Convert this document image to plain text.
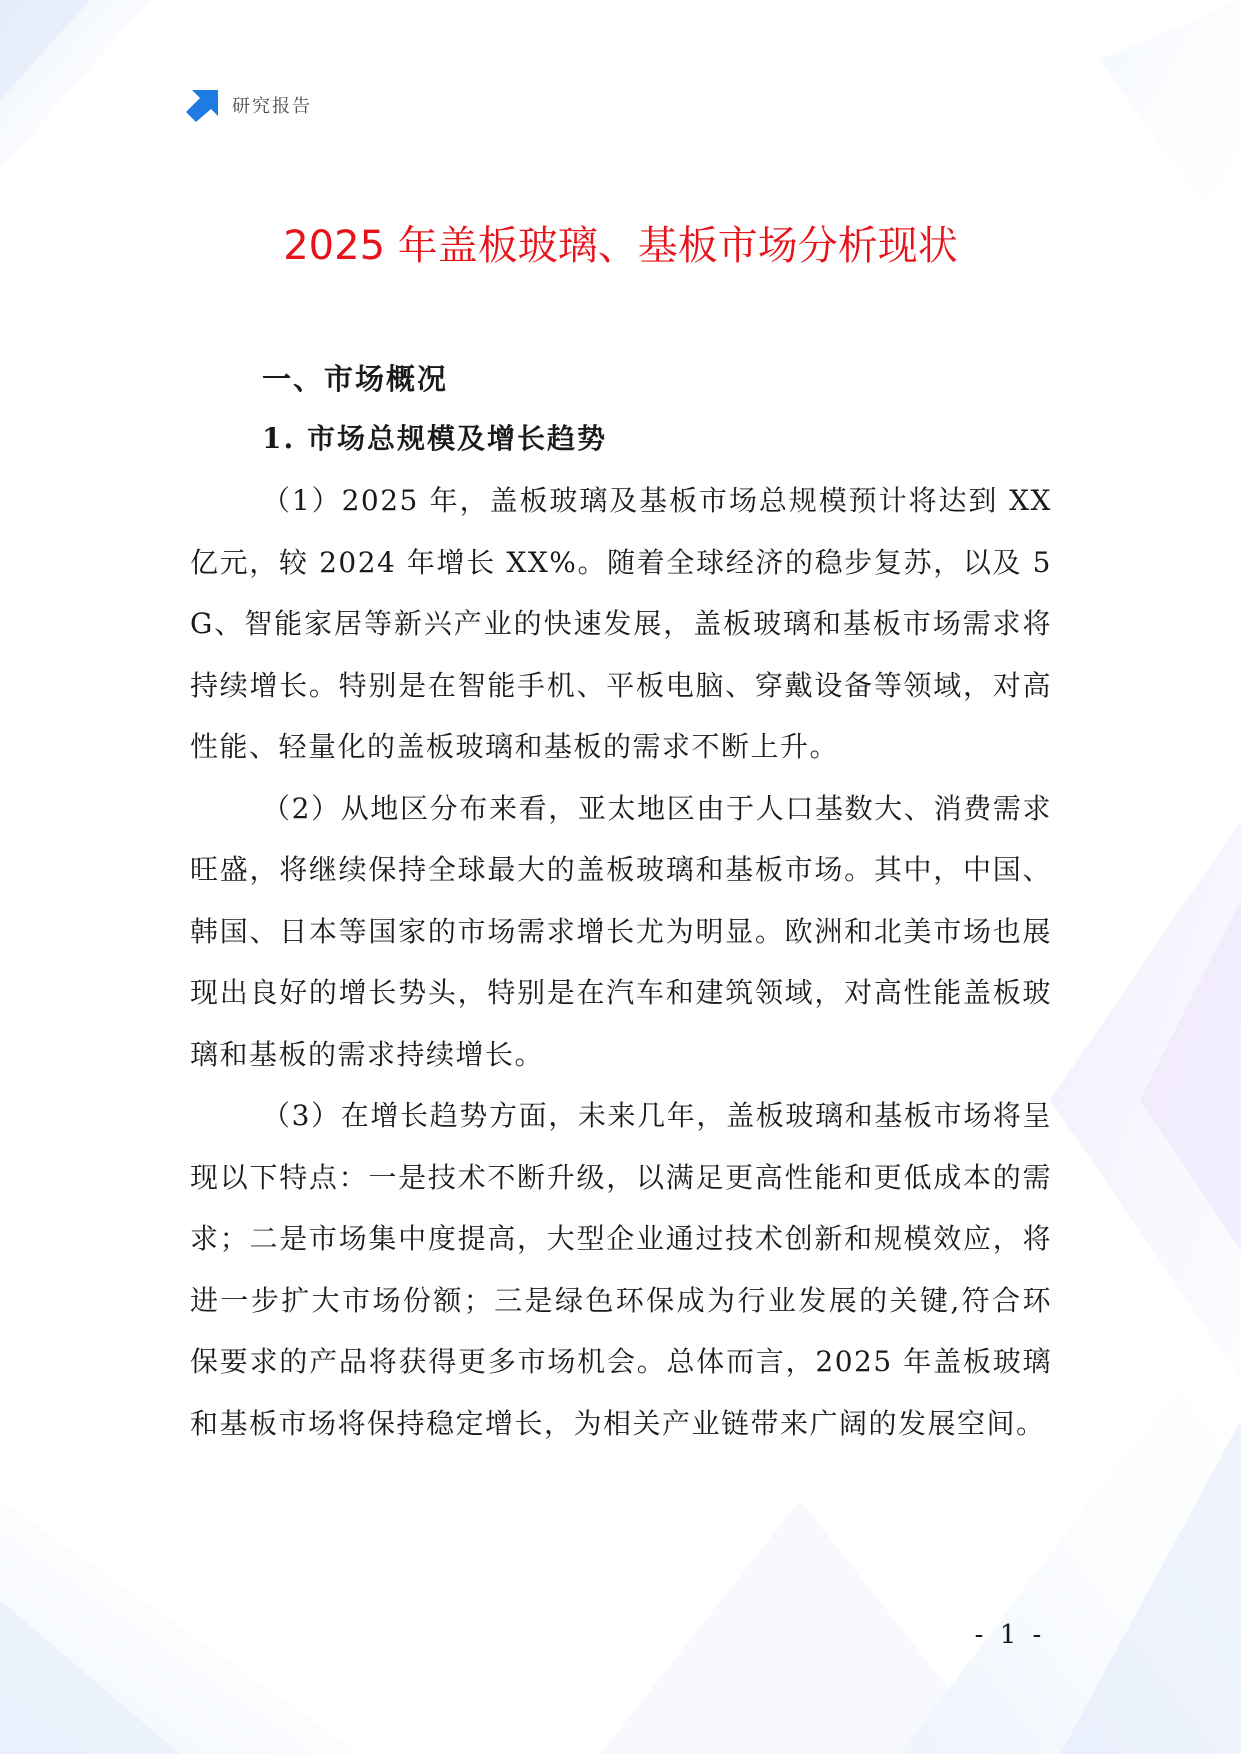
研究报告
2025 年盖板玻璃、基板市场分析现状
一、市场概况
1. 市场总规模及增长趋势

（1）2025 年，盖板玻璃及基板市场总规模预计将达到 XX 亿元，较 2024 年增长 XX%。随着全球经济的稳步复苏，以及 5G、智能家居等新兴产业的快速发展，盖板玻璃和基板市场需求将持续增长。特别是在智能手机、平板电脑、穿戴设备等领域，对高性能、轻量化的盖板玻璃和基板的需求不断上升。

（2）从地区分布来看，亚太地区由于人口基数大、消费需求旺盛，将继续保持全球最大的盖板玻璃和基板市场。其中，中国、韩国、日本等国家的市场需求增长尤为明显。欧洲和北美市场也展现出良好的增长势头，特别是在汽车和建筑领域，对高性能盖板玻璃和基板的需求持续增长。

（3）在增长趋势方面，未来几年，盖板玻璃和基板市场将呈现以下特点：一是技术不断升级，以满足更高性能和更低成本的需求；二是市场集中度提高，大型企业通过技术创新和规模效应，将进一步扩大市场份额；三是绿色环保成为行业发展的关键,符合环保要求的产品将获得更多市场机会。总体而言，2025 年盖板玻璃和基板市场将保持稳定增长，为相关产业链带来广阔的发展空间。

- 1 -
